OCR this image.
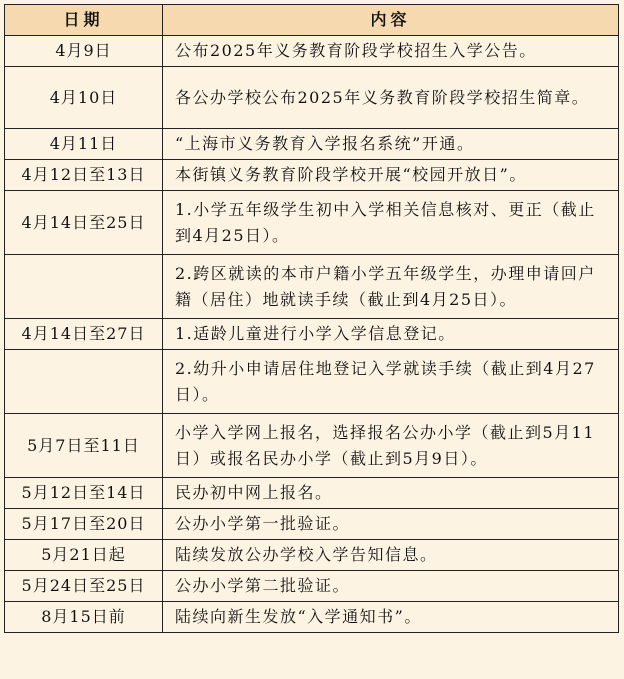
日期	内容
4月9日	公布2025年义务教育阶段学校招生入学公告。
4月10日	各公办学校公布2025年义务教育阶段学校招生简章。
4月11日	“上海市义务教育入学报名系统”开通。
4月12日至13日	本街镇义务教育阶段学校开展“校园开放日”。
4月14日至25日	1.小学五年级学生初中入学相关信息核对、更正（截止到4月25日）。
	2.跨区就读的本市户籍小学五年级学生，办理申请回户籍（居住）地就读手续（截止到4月25日）。
4月14日至27日	1.适龄儿童进行小学入学信息登记。
	2.幼升小申请居住地登记入学就读手续（截止到4月27日）。
5月7日至11日	小学入学网上报名，选择报名公办小学（截止到5月11日）或报名民办小学（截止到5月9日）。
5月12日至14日	民办初中网上报名。
5月17日至20日	公办小学第一批验证。
5月21日起	陆续发放公办学校入学告知信息。
5月24日至25日	公办小学第二批验证。
8月15日前	陆续向新生发放“入学通知书”。
